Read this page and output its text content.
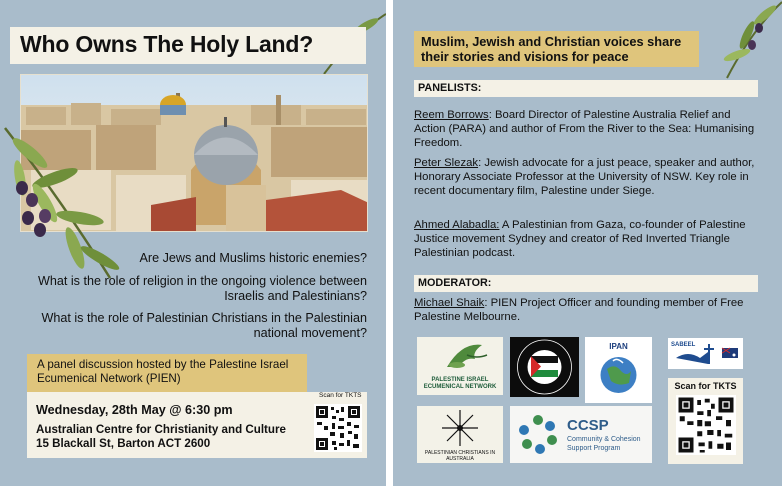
Who Owns The Holy Land?
Are Jews and Muslims historic enemies?
What is the role of religion in the ongoing violence between Israelis and Palestinians?
What is the role of Palestinian Christians in the Palestinian national movement?
A panel discussion hosted by the Palestine Israel Ecumenical Network (PIEN)
Wednesday, 28th May @ 6:30 pm
Australian Centre for Christianity and Culture
15 Blackall St, Barton ACT 2600
Scan for TKTS
Muslim, Jewish and Christian voices share their stories and visions for peace
PANELISTS:
Reem Borrows: Board Director of Palestine Australia Relief and Action (PARA) and author of From the River to the Sea: Humanising Freedom.
Peter Slezak: Jewish advocate for a just peace, speaker and author, Honorary Associate Professor at the University of NSW. Key role in recent documentary film, Palestine under Siege.
Ahmed Alabadla: A Palestinian from Gaza, co-founder of Palestine Justice movement Sydney and creator of Red Inverted Triangle Palestinian podcast.
MODERATOR:
Michael Shaik: PIEN Project Officer and founding member of Free Palestine Melbourne.
PALESTINE ISRAEL ECUMENICAL NETWORK
IPAN	SABEEL
PALESTINIAN CHRISTIANS IN AUSTRALIA
CCSP
Community & Cohesion
Support Program
Scan for TKTS
